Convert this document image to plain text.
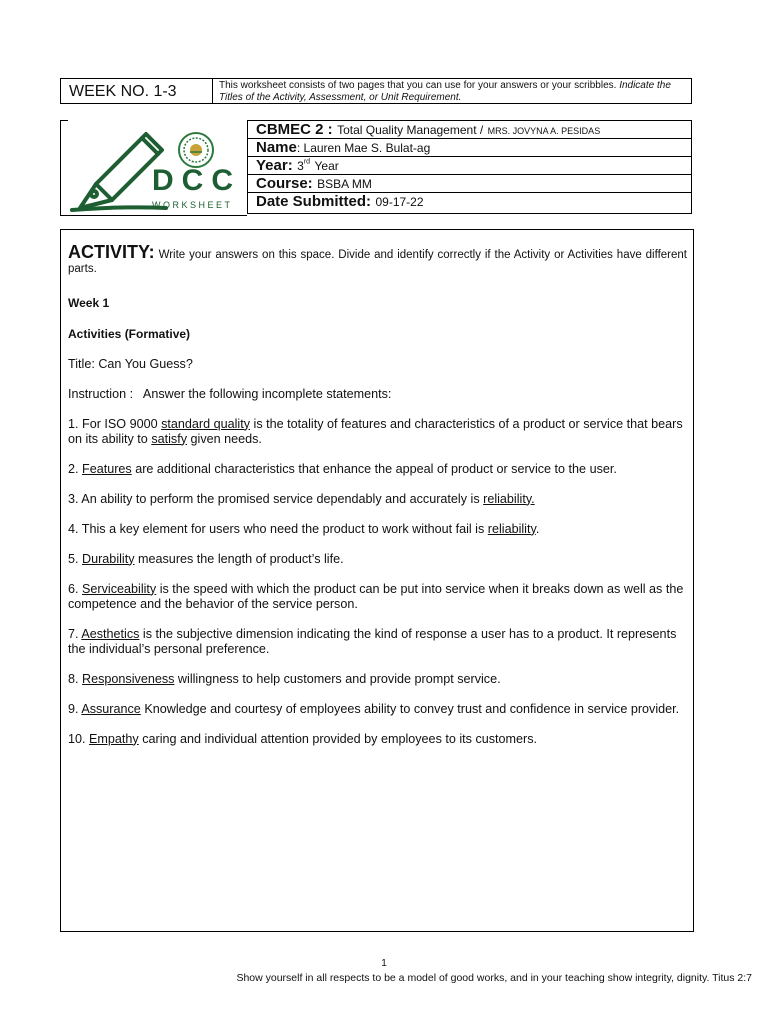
WEEK NO. 1-3	This worksheet consists of two pages that you can use for your answers or your scribbles. Indicate the Titles of the Activity, Assessment, or Unit Requirement.
DCC
WORKSHEET
CBMEC 2 : Total Quality Management / MRS. JOVYNA A. PESIDAS
Name: Lauren Mae S. Bulat-ag
Year: 3rd Year
Course: BSBA MM
Date Submitted: 09-17-22

ACTIVITY: Write your answers on this space. Divide and identify correctly if the Activity or Activities have different parts.

Week 1

Activities (Formative)

Title: Can You Guess?

Instruction : Answer the following incomplete statements:

1. For ISO 9000 standard quality is the totality of features and characteristics of a product or service that bears on its ability to satisfy given needs.

2. Features are additional characteristics that enhance the appeal of product or service to the user.

3. An ability to perform the promised service dependably and accurately is reliability.

4. This a key element for users who need the product to work without fail is reliability.

5. Durability measures the length of product’s life.

6. Serviceability is the speed with which the product can be put into service when it breaks down as well as the competence and the behavior of the service person.

7. Aesthetics is the subjective dimension indicating the kind of response a user has to a product. It represents the individual’s personal preference.

8. Responsiveness willingness to help customers and provide prompt service.

9. Assurance Knowledge and courtesy of employees ability to convey trust and confidence in service provider.

10. Empathy caring and individual attention provided by employees to its customers.

1
Show yourself in all respects to be a model of good works, and in your teaching show integrity, dignity. Titus 2:7
